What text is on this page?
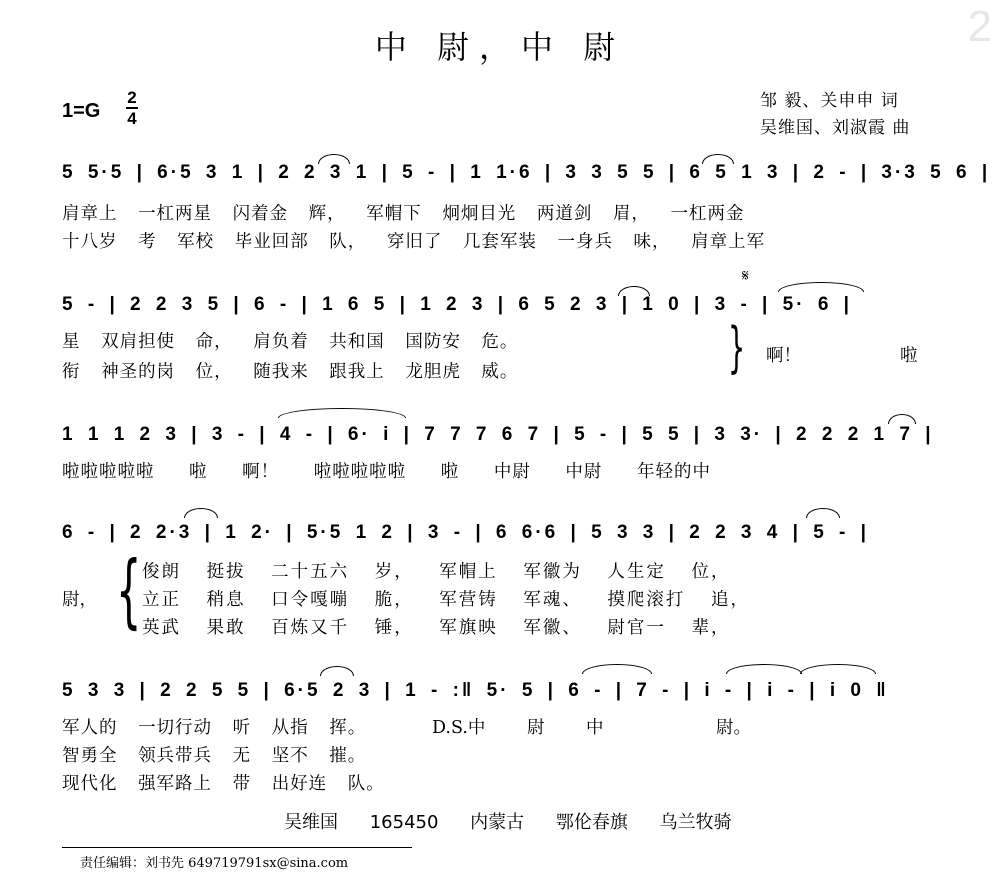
2
中 尉，中 尉
1=G
2
4
邹 毅、关申申 词
吴维国、刘淑霞 曲
5 5·5 | 6·5 3 1 | 2 2 3 1 | 5 - | 1 1·6 | 3 3 5 5 | 6 5 1 3 | 2 - | 3·3 5 6 |
肩章上 一杠两星 闪着金 辉， 军帽下 炯炯目光 两道剑 眉， 一杠两金
十八岁 考 军校 毕业回部 队， 穿旧了 几套军装 一身兵 味， 肩章上军
𝄋
5 - | 2 2 3 5 | 6 - | 1 6 5 | 1 2 3 | 6 5 2 3 | 1 0 | 3 - | 5· 6 |
星 双肩担使 命， 肩负着 共和国 国防安 危。
衔 神圣的岗 位， 随我来 跟我上 龙胆虎 威。	} 啊！	啦
1 1 1 2 3 | 3 - | 4 - | 6· i | 7 7 7 6 7 | 5 - | 5 5 | 3 3· | 2 2 2 1 7 |
啦啦啦啦啦 啦 啊！ 啦啦啦啦啦 啦 中尉 中尉 年轻的中
6 - | 2 2·3 | 1 2· | 5·5 1 2 | 3 - | 6 6·6 | 5 3 3 | 2 2 3 4 | 5 - |
尉， { 俊朗 挺拔 二十五六 岁， 军帽上 军徽为 人生定 位，
立正 稍息 口令嘎嘣 脆， 军营铸 军魂、 摸爬滚打 追，
英武 果敢 百炼又千 锤， 军旗映 军徽、 尉官一 辈，
5 3 3 | 2 2 5 5 | 6·5 2 3 | 1 - :‖ 5· 5 | 6 - | 7 - | i - | i - | i 0 ‖
军人的 一切行动 听 从指 挥。	D.S.中 尉 中	尉。
智勇全 领兵带兵 无 坚不 摧。
现代化 强军路上 带 出好连 队。
吴维国 165450 内蒙古 鄂伦春旗 乌兰牧骑
责任编辑：刘书先 649719791sx@sina.com
